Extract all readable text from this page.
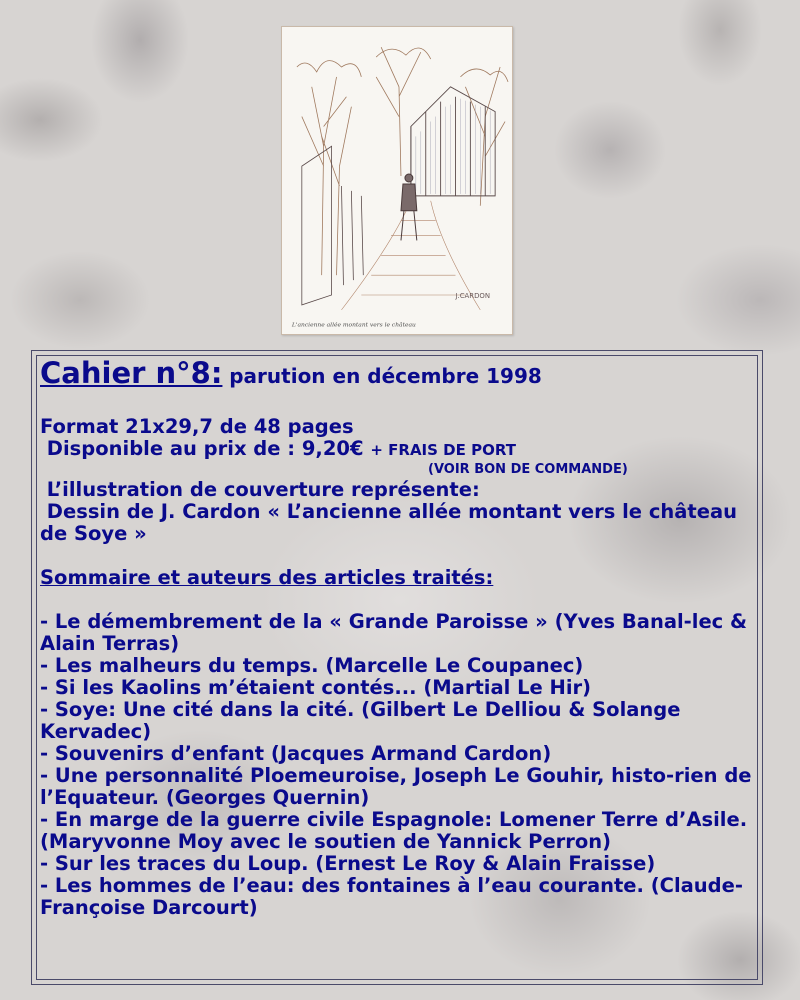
J.CARDON
L'ancienne allée montant vers le château
Cahier n°8: parution en décembre 1998
Format 21x29,7 de 48 pages
Disponible au prix de : 9,20€ + FRAIS DE PORT
(VOIR BON DE COMMANDE)
L’illustration de couverture représente:
Dessin de J. Cardon « L’ancienne allée montant vers le château de Soye »
Sommaire et auteurs des articles traités:
- Le démembrement de la « Grande Paroisse » (Yves Banal-lec & Alain Terras)
- Les malheurs du temps. (Marcelle Le Coupanec)
- Si les Kaolins m’étaient contés... (Martial Le Hir)
- Soye: Une cité dans la cité. (Gilbert Le Delliou & Solange Kervadec)
- Souvenirs d’enfant (Jacques Armand Cardon)
- Une personnalité Ploemeuroise, Joseph Le Gouhir, histo-rien de l’Equateur. (Georges Quernin)
- En marge de la guerre civile Espagnole: Lomener Terre d’Asile. (Maryvonne Moy avec le soutien de Yannick Perron)
- Sur les traces du Loup. (Ernest Le Roy & Alain Fraisse)
- Les hommes de l’eau: des fontaines à l’eau courante. (Claude-Françoise Darcourt)
